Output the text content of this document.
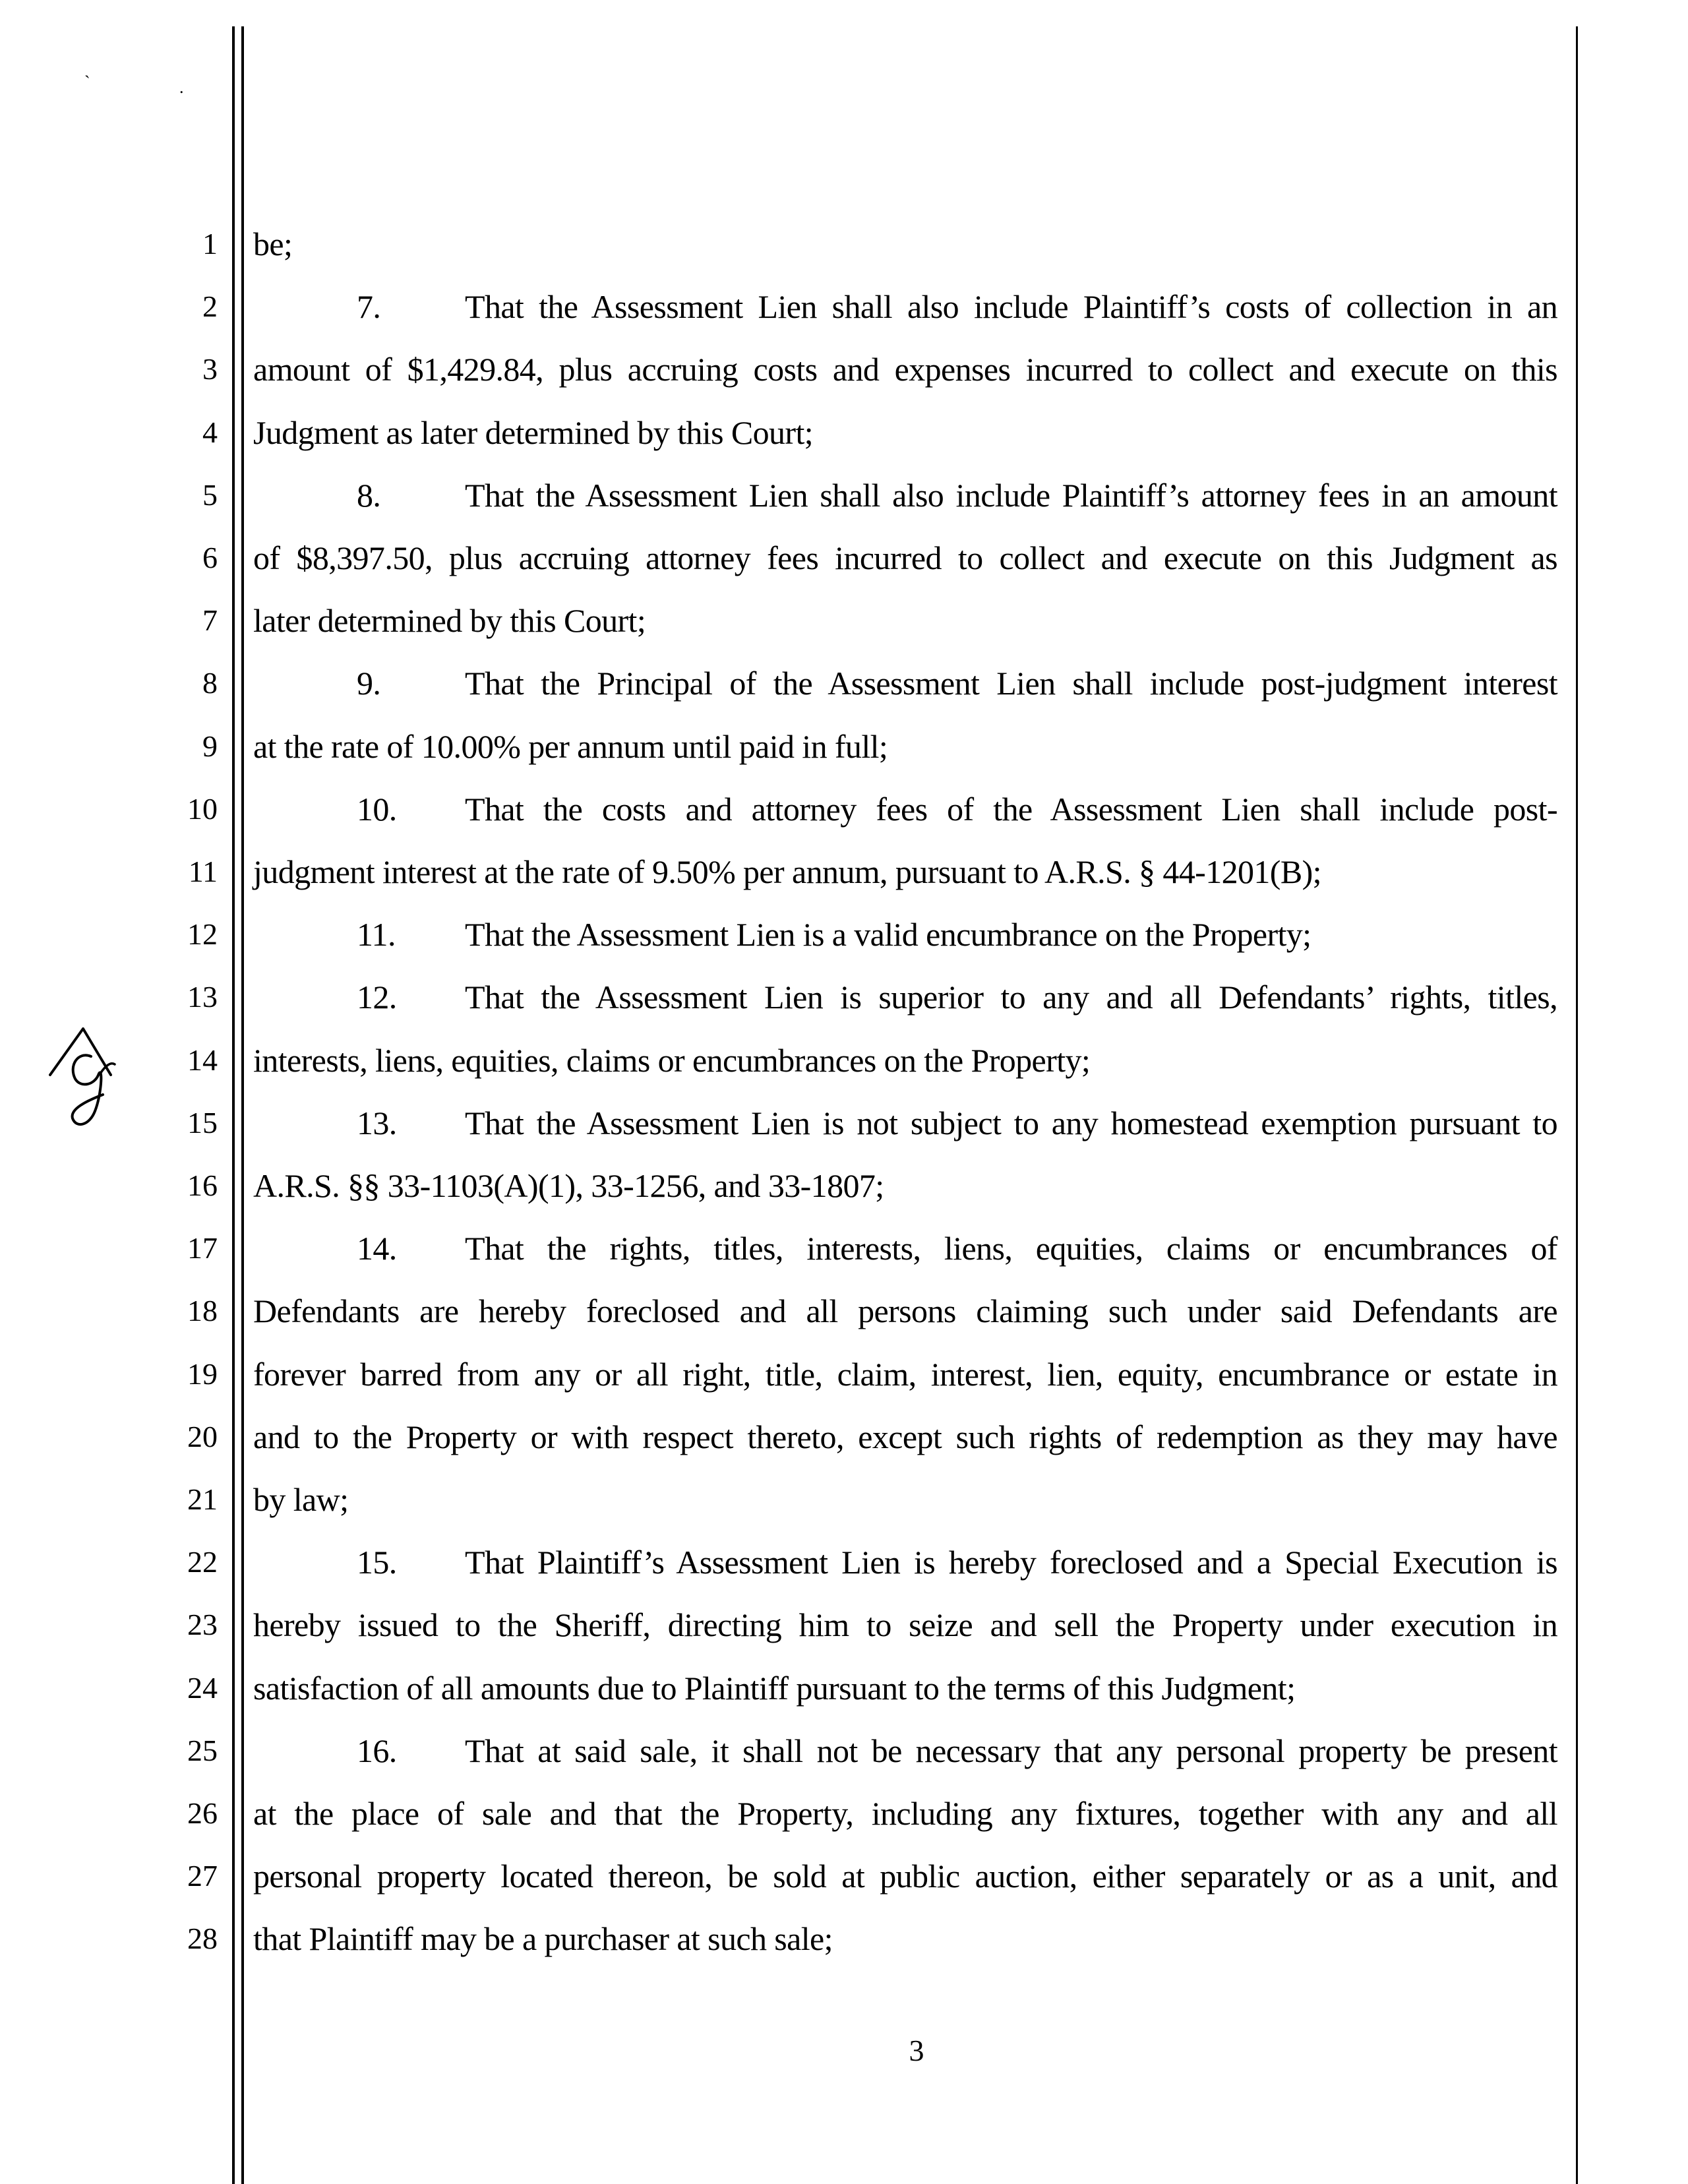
`	.
1
2
3
4
5
6
7
8
9
10
11
12
13
14
15
16
17
18
19
20
21
22
23
24
25
26
27
28
be;
7.	That the Assessment Lien shall also include Plaintiff’s costs of collection in an
amount of $1,429.84, plus accruing costs and expenses incurred to collect and execute on this
Judgment as later determined by this Court;
8.	That the Assessment Lien shall also include Plaintiff’s attorney fees in an amount
of $8,397.50, plus accruing attorney fees incurred to collect and execute on this Judgment as
later determined by this Court;
9.	That the Principal of the Assessment Lien shall include post-judgment interest
at the rate of 10.00% per annum until paid in full;
10. That the costs and attorney fees of the Assessment Lien shall include post-
judgment interest at the rate of 9.50% per annum, pursuant to A.R.S. § 44-1201(B);
11. That the Assessment Lien is a valid encumbrance on the Property;
12. That the Assessment Lien is superior to any and all Defendants’ rights, titles,
interests, liens, equities, claims or encumbrances on the Property;
13. That the Assessment Lien is not subject to any homestead exemption pursuant to
A.R.S. §§ 33-1103(A)(1), 33-1256, and 33-1807;
14. That the rights, titles, interests, liens, equities, claims or encumbrances of
Defendants are hereby foreclosed and all persons claiming such under said Defendants are
forever barred from any or all right, title, claim, interest, lien, equity, encumbrance or estate in
and to the Property or with respect thereto, except such rights of redemption as they may have
by law;
15. That Plaintiff’s Assessment Lien is hereby foreclosed and a Special Execution is
hereby issued to the Sheriff, directing him to seize and sell the Property under execution in
satisfaction of all amounts due to Plaintiff pursuant to the terms of this Judgment;
16. That at said sale, it shall not be necessary that any personal property be present
at the place of sale and that the Property, including any fixtures, together with any and all
personal property located thereon, be sold at public auction, either separately or as a unit, and
that Plaintiff may be a purchaser at such sale;
3
